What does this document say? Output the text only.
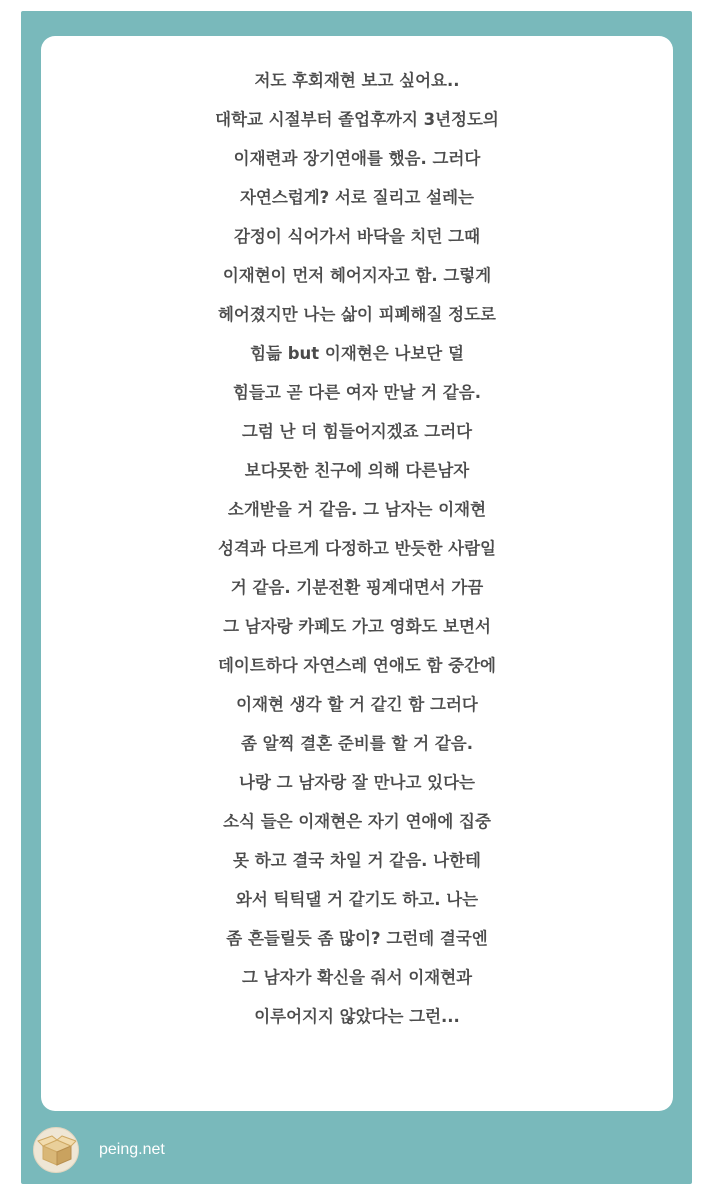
저도 후회재현 보고 싶어요..
대학교 시절부터 졸업후까지 3년정도의
이재련과 장기연애를 했음. 그러다
자연스럽게? 서로 질리고 설레는
감정이 식어가서 바닥을 치던 그때
이재현이 먼저 헤어지자고 함. 그렇게
헤어졌지만 나는 삶이 피폐해질 정도로
힘듦 but 이재현은 나보단 덜
힘들고 곧 다른 여자 만날 거 같음.
그럼 난 더 힘들어지겠죠 그러다
보다못한 친구에 의해 다른남자
소개받을 거 같음. 그 남자는 이재현
성격과 다르게 다정하고 반듯한 사람일
거 같음. 기분전환 핑계대면서 가끔
그 남자랑 카페도 가고 영화도 보면서
데이트하다 자연스레 연애도 함 중간에
이재현 생각 할 거 같긴 함 그러다
좀 알찍 결혼 준비를 할 거 같음.
나랑 그 남자랑 잘 만나고 있다는
소식 들은 이재현은 자기 연애에 집중
못 하고 결국 차일 거 같음. 나한테
와서 틱틱댈 거 같기도 하고. 나는
좀 흔들릴듯 좀 많이? 그런데 결국엔
그 남자가 확신을 줘서 이재현과
이루어지지 않았다는 그런...
peing.net
